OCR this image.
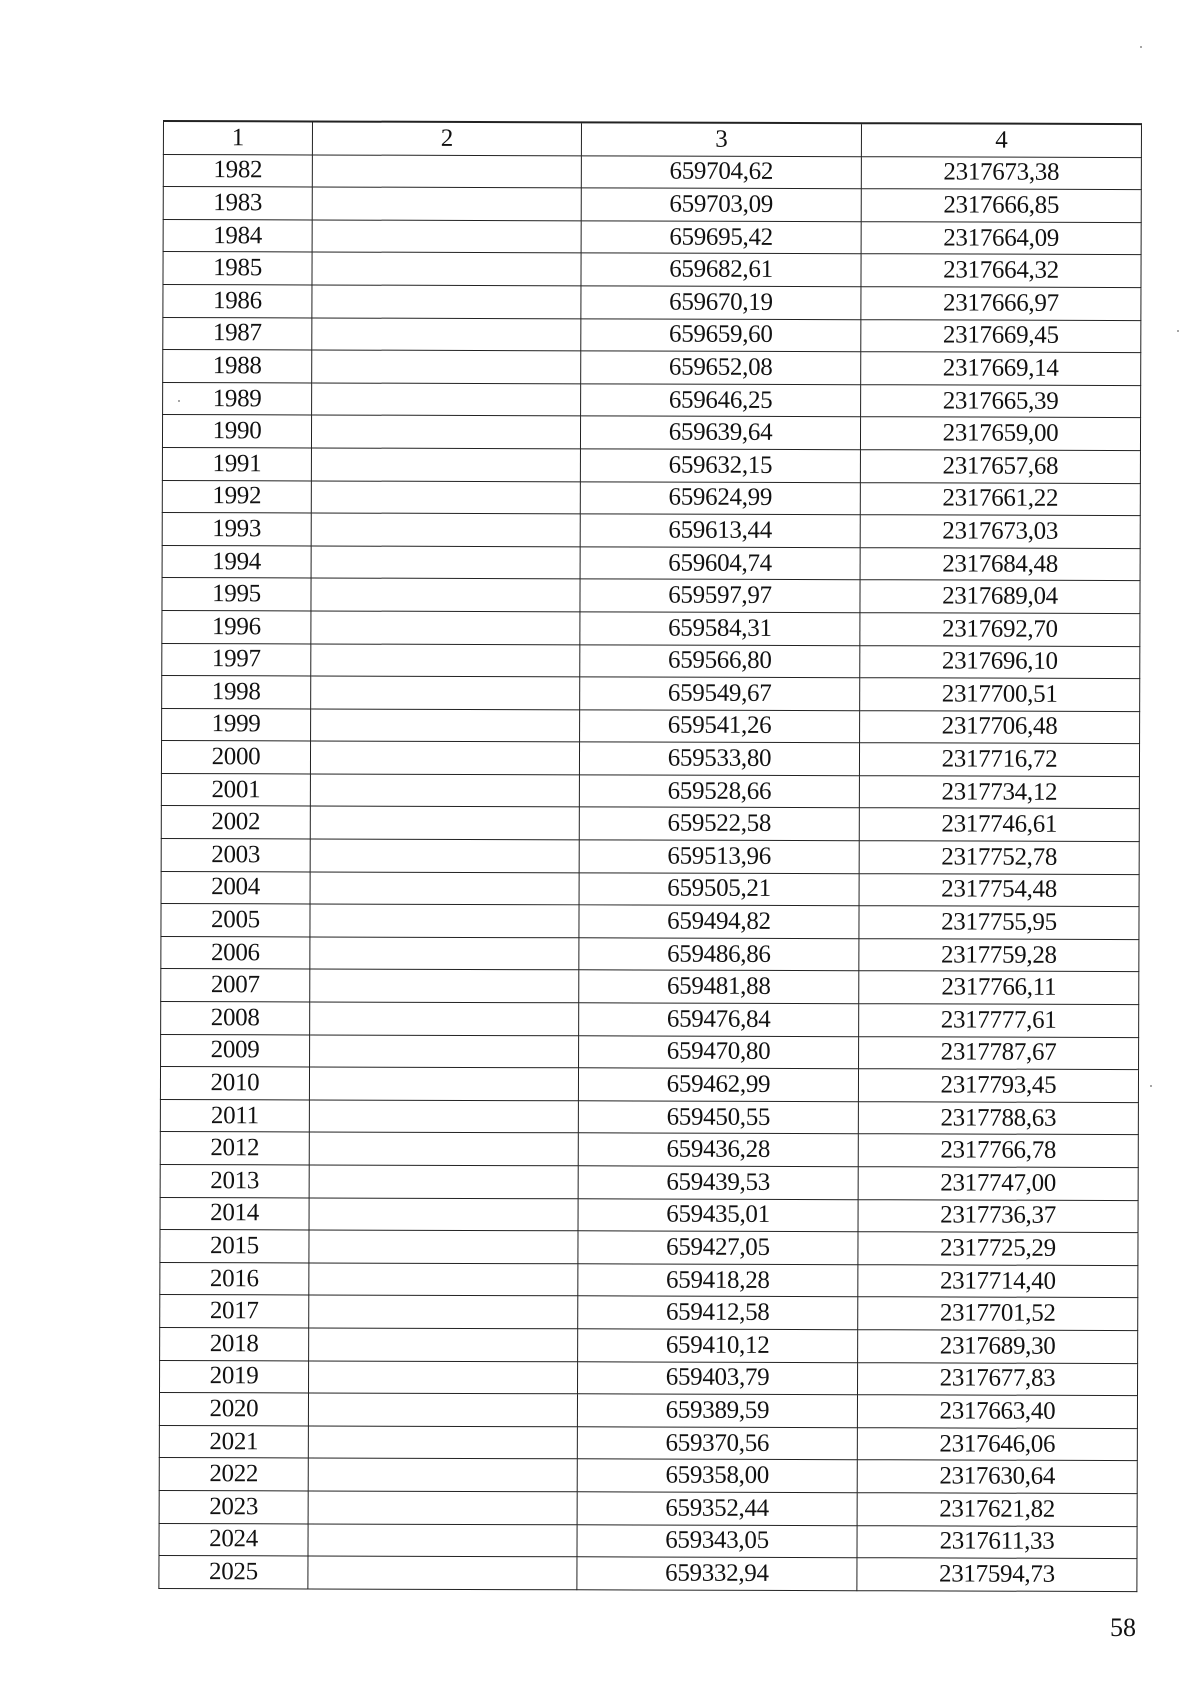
1	2	3	4
1982		659704,62	2317673,38
1983		659703,09	2317666,85
1984		659695,42	2317664,09
1985		659682,61	2317664,32
1986		659670,19	2317666,97
1987		659659,60	2317669,45
1988		659652,08	2317669,14
1989		659646,25	2317665,39
1990		659639,64	2317659,00
1991		659632,15	2317657,68
1992		659624,99	2317661,22
1993		659613,44	2317673,03
1994		659604,74	2317684,48
1995		659597,97	2317689,04
1996		659584,31	2317692,70
1997		659566,80	2317696,10
1998		659549,67	2317700,51
1999		659541,26	2317706,48
2000		659533,80	2317716,72
2001		659528,66	2317734,12
2002		659522,58	2317746,61
2003		659513,96	2317752,78
2004		659505,21	2317754,48
2005		659494,82	2317755,95
2006		659486,86	2317759,28
2007		659481,88	2317766,11
2008		659476,84	2317777,61
2009		659470,80	2317787,67
2010		659462,99	2317793,45
2011		659450,55	2317788,63
2012		659436,28	2317766,78
2013		659439,53	2317747,00
2014		659435,01	2317736,37
2015		659427,05	2317725,29
2016		659418,28	2317714,40
2017		659412,58	2317701,52
2018		659410,12	2317689,30
2019		659403,79	2317677,83
2020		659389,59	2317663,40
2021		659370,56	2317646,06
2022		659358,00	2317630,64
2023		659352,44	2317621,82
2024		659343,05	2317611,33
2025		659332,94	2317594,73
58
